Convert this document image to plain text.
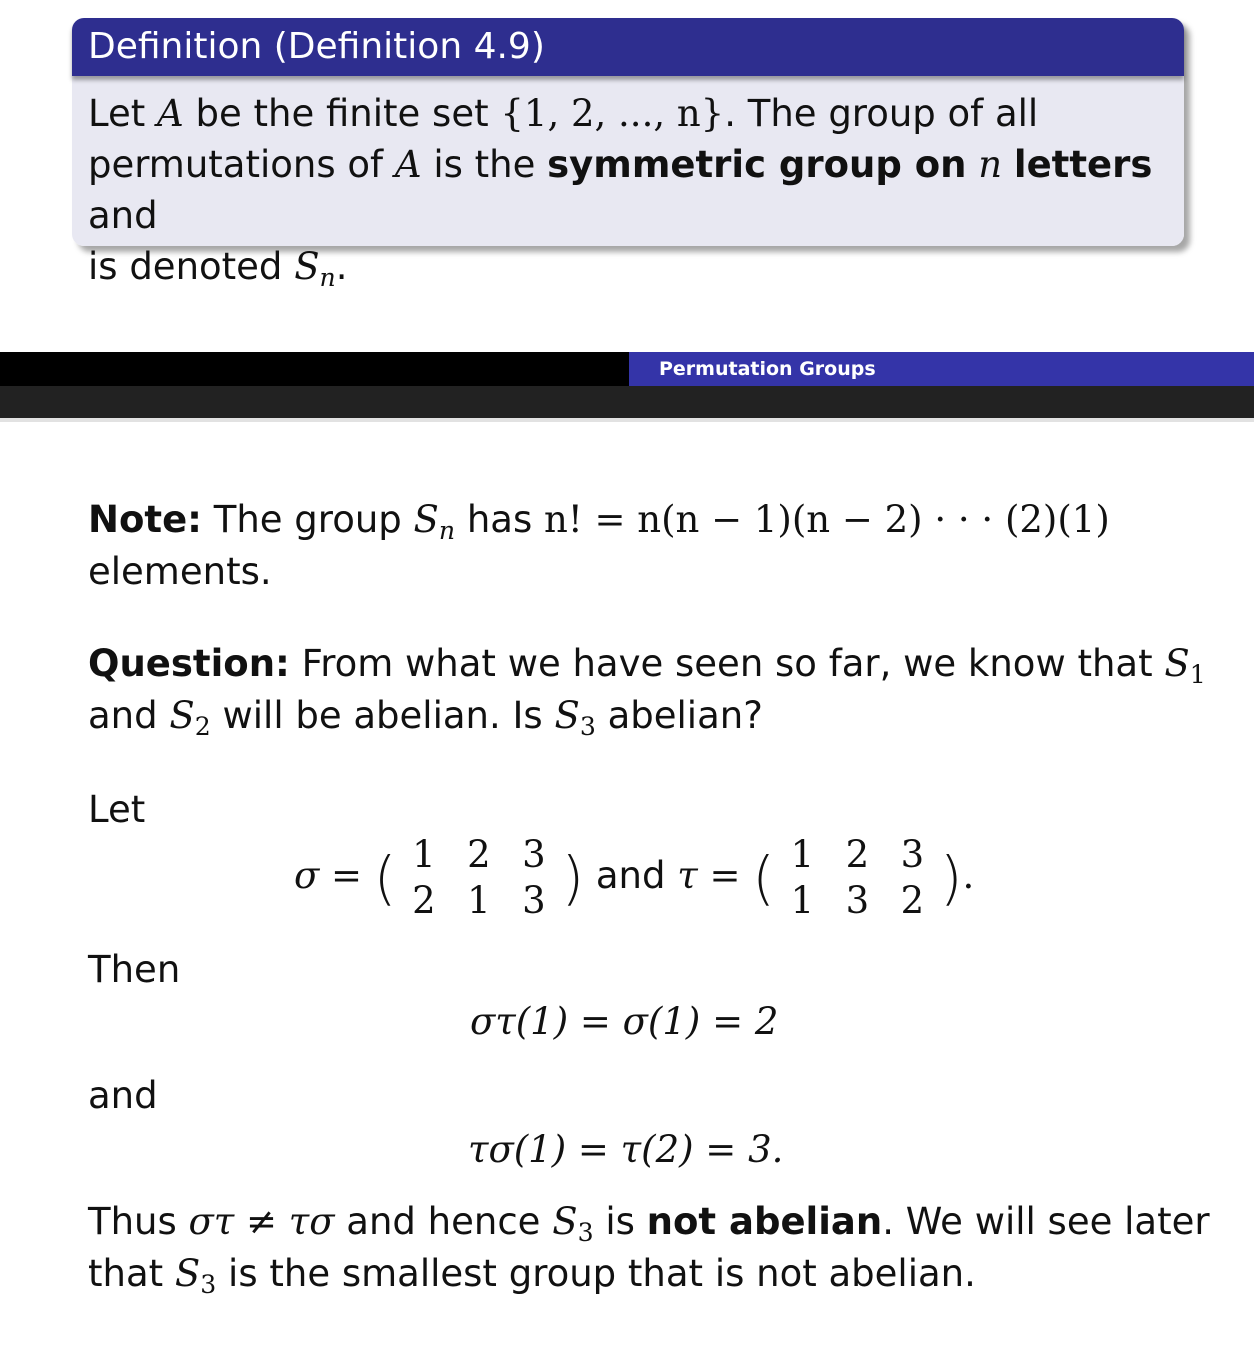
Definition (Definition 4.9)
Let A be the finite set {1, 2, ..., n}. The group of all
permutations of A is the symmetric group on n letters and
is denoted $S_n$.
Permutation Groups
Note: The group $S_n$ has n! = n(n − 1)(n − 2) · · · (2)(1)
elements.
Question: From what we have seen so far, we know that $S_1$
and $S_2$ will be abelian. Is $S_3$ abelian?
Let
σ = ( 1 2 3
2 1 3 ) and τ = ( 1 2 3
1 3 2 ).
Then
στ(1) = σ(1) = 2
and
τσ(1) = τ(2) = 3.
Thus στ ≠ τσ and hence $S_3$ is not abelian. We will see later
that $S_3$ is the smallest group that is not abelian.
